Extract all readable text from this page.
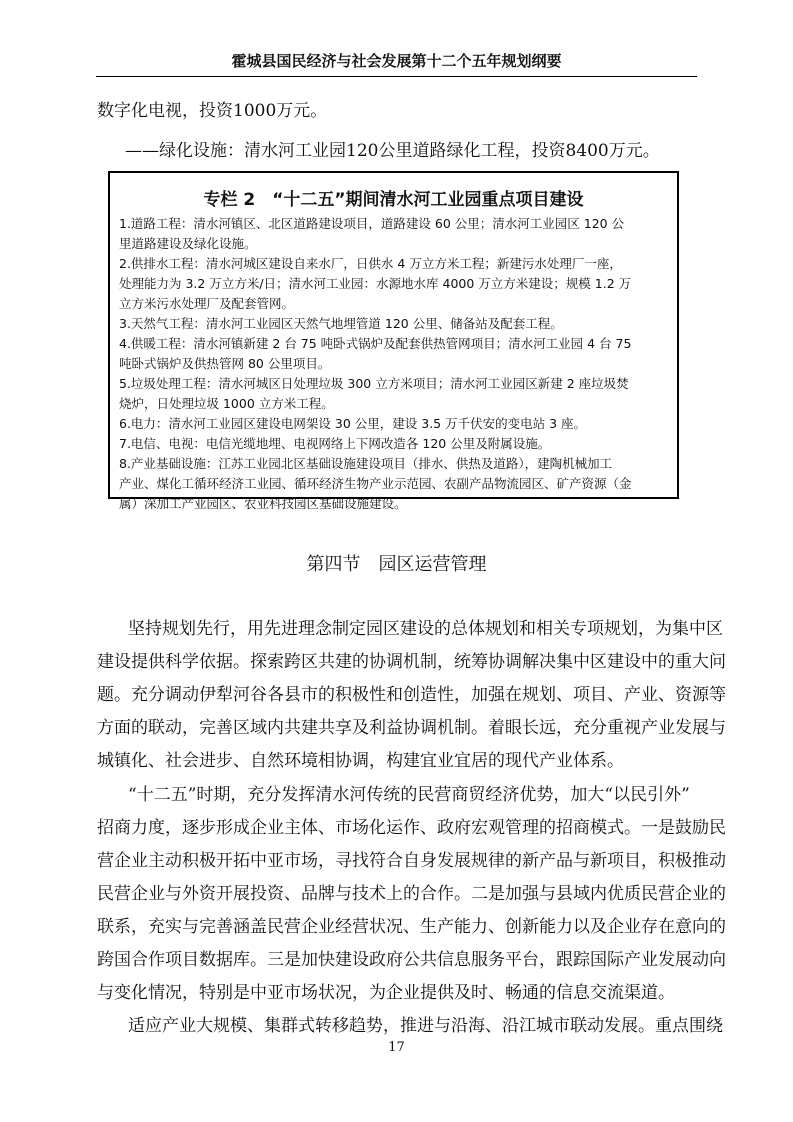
霍城县国民经济与社会发展第十二个五年规划纲要
数字化电视，投资1000万元。
——绿化设施：清水河工业园120公里道路绿化工程，投资8400万元。
专栏 2　“十二五”期间清水河工业园重点项目建设
1.道路工程：清水河镇区、北区道路建设项目，道路建设 60 公里；清水河工业园区 120 公
里道路建设及绿化设施。
2.供排水工程：清水河城区建设自来水厂，日供水 4 万立方米工程；新建污水处理厂一座，
处理能力为 3.2 万立方米/日；清水河工业园：水源地水库 4000 万立方米建设；规模 1.2 万
立方米污水处理厂及配套管网。
3.天然气工程：清水河工业园区天然气地埋管道 120 公里、储备站及配套工程。
4.供暖工程：清水河镇新建 2 台 75 吨卧式锅炉及配套供热管网项目；清水河工业园 4 台 75
吨卧式锅炉及供热管网 80 公里项目。
5.垃圾处理工程：清水河城区日处理垃圾 300 立方米项目；清水河工业园区新建 2 座垃圾焚
烧炉，日处理垃圾 1000 立方米工程。
6.电力：清水河工业园区建设电网架设 30 公里，建设 3.5 万千伏安的变电站 3 座。
7.电信、电视：电信光缆地埋、电视网络上下网改造各 120 公里及附属设施。
8.产业基础设施：江苏工业园北区基础设施建设项目（排水、供热及道路），建陶机械加工
产业、煤化工循环经济工业园、循环经济生物产业示范园、农副产品物流园区、矿产资源（金
属）深加工产业园区、农业科技园区基础设施建设。
第四节　园区运营管理
坚持规划先行，用先进理念制定园区建设的总体规划和相关专项规划，为集中区
建设提供科学依据。探索跨区共建的协调机制，统筹协调解决集中区建设中的重大问
题。充分调动伊犁河谷各县市的积极性和创造性，加强在规划、项目、产业、资源等
方面的联动，完善区域内共建共享及利益协调机制。着眼长远，充分重视产业发展与
城镇化、社会进步、自然环境相协调，构建宜业宜居的现代产业体系。
“十二五”时期，充分发挥清水河传统的民营商贸经济优势，加大“以民引外”
招商力度，逐步形成企业主体、市场化运作、政府宏观管理的招商模式。一是鼓励民
营企业主动积极开拓中亚市场，寻找符合自身发展规律的新产品与新项目，积极推动
民营企业与外资开展投资、品牌与技术上的合作。二是加强与县域内优质民营企业的
联系，充实与完善涵盖民营企业经营状况、生产能力、创新能力以及企业存在意向的
跨国合作项目数据库。三是加快建设政府公共信息服务平台，跟踪国际产业发展动向
与变化情况，特别是中亚市场状况，为企业提供及时、畅通的信息交流渠道。
适应产业大规模、集群式转移趋势，推进与沿海、沿江城市联动发展。重点围绕
17
